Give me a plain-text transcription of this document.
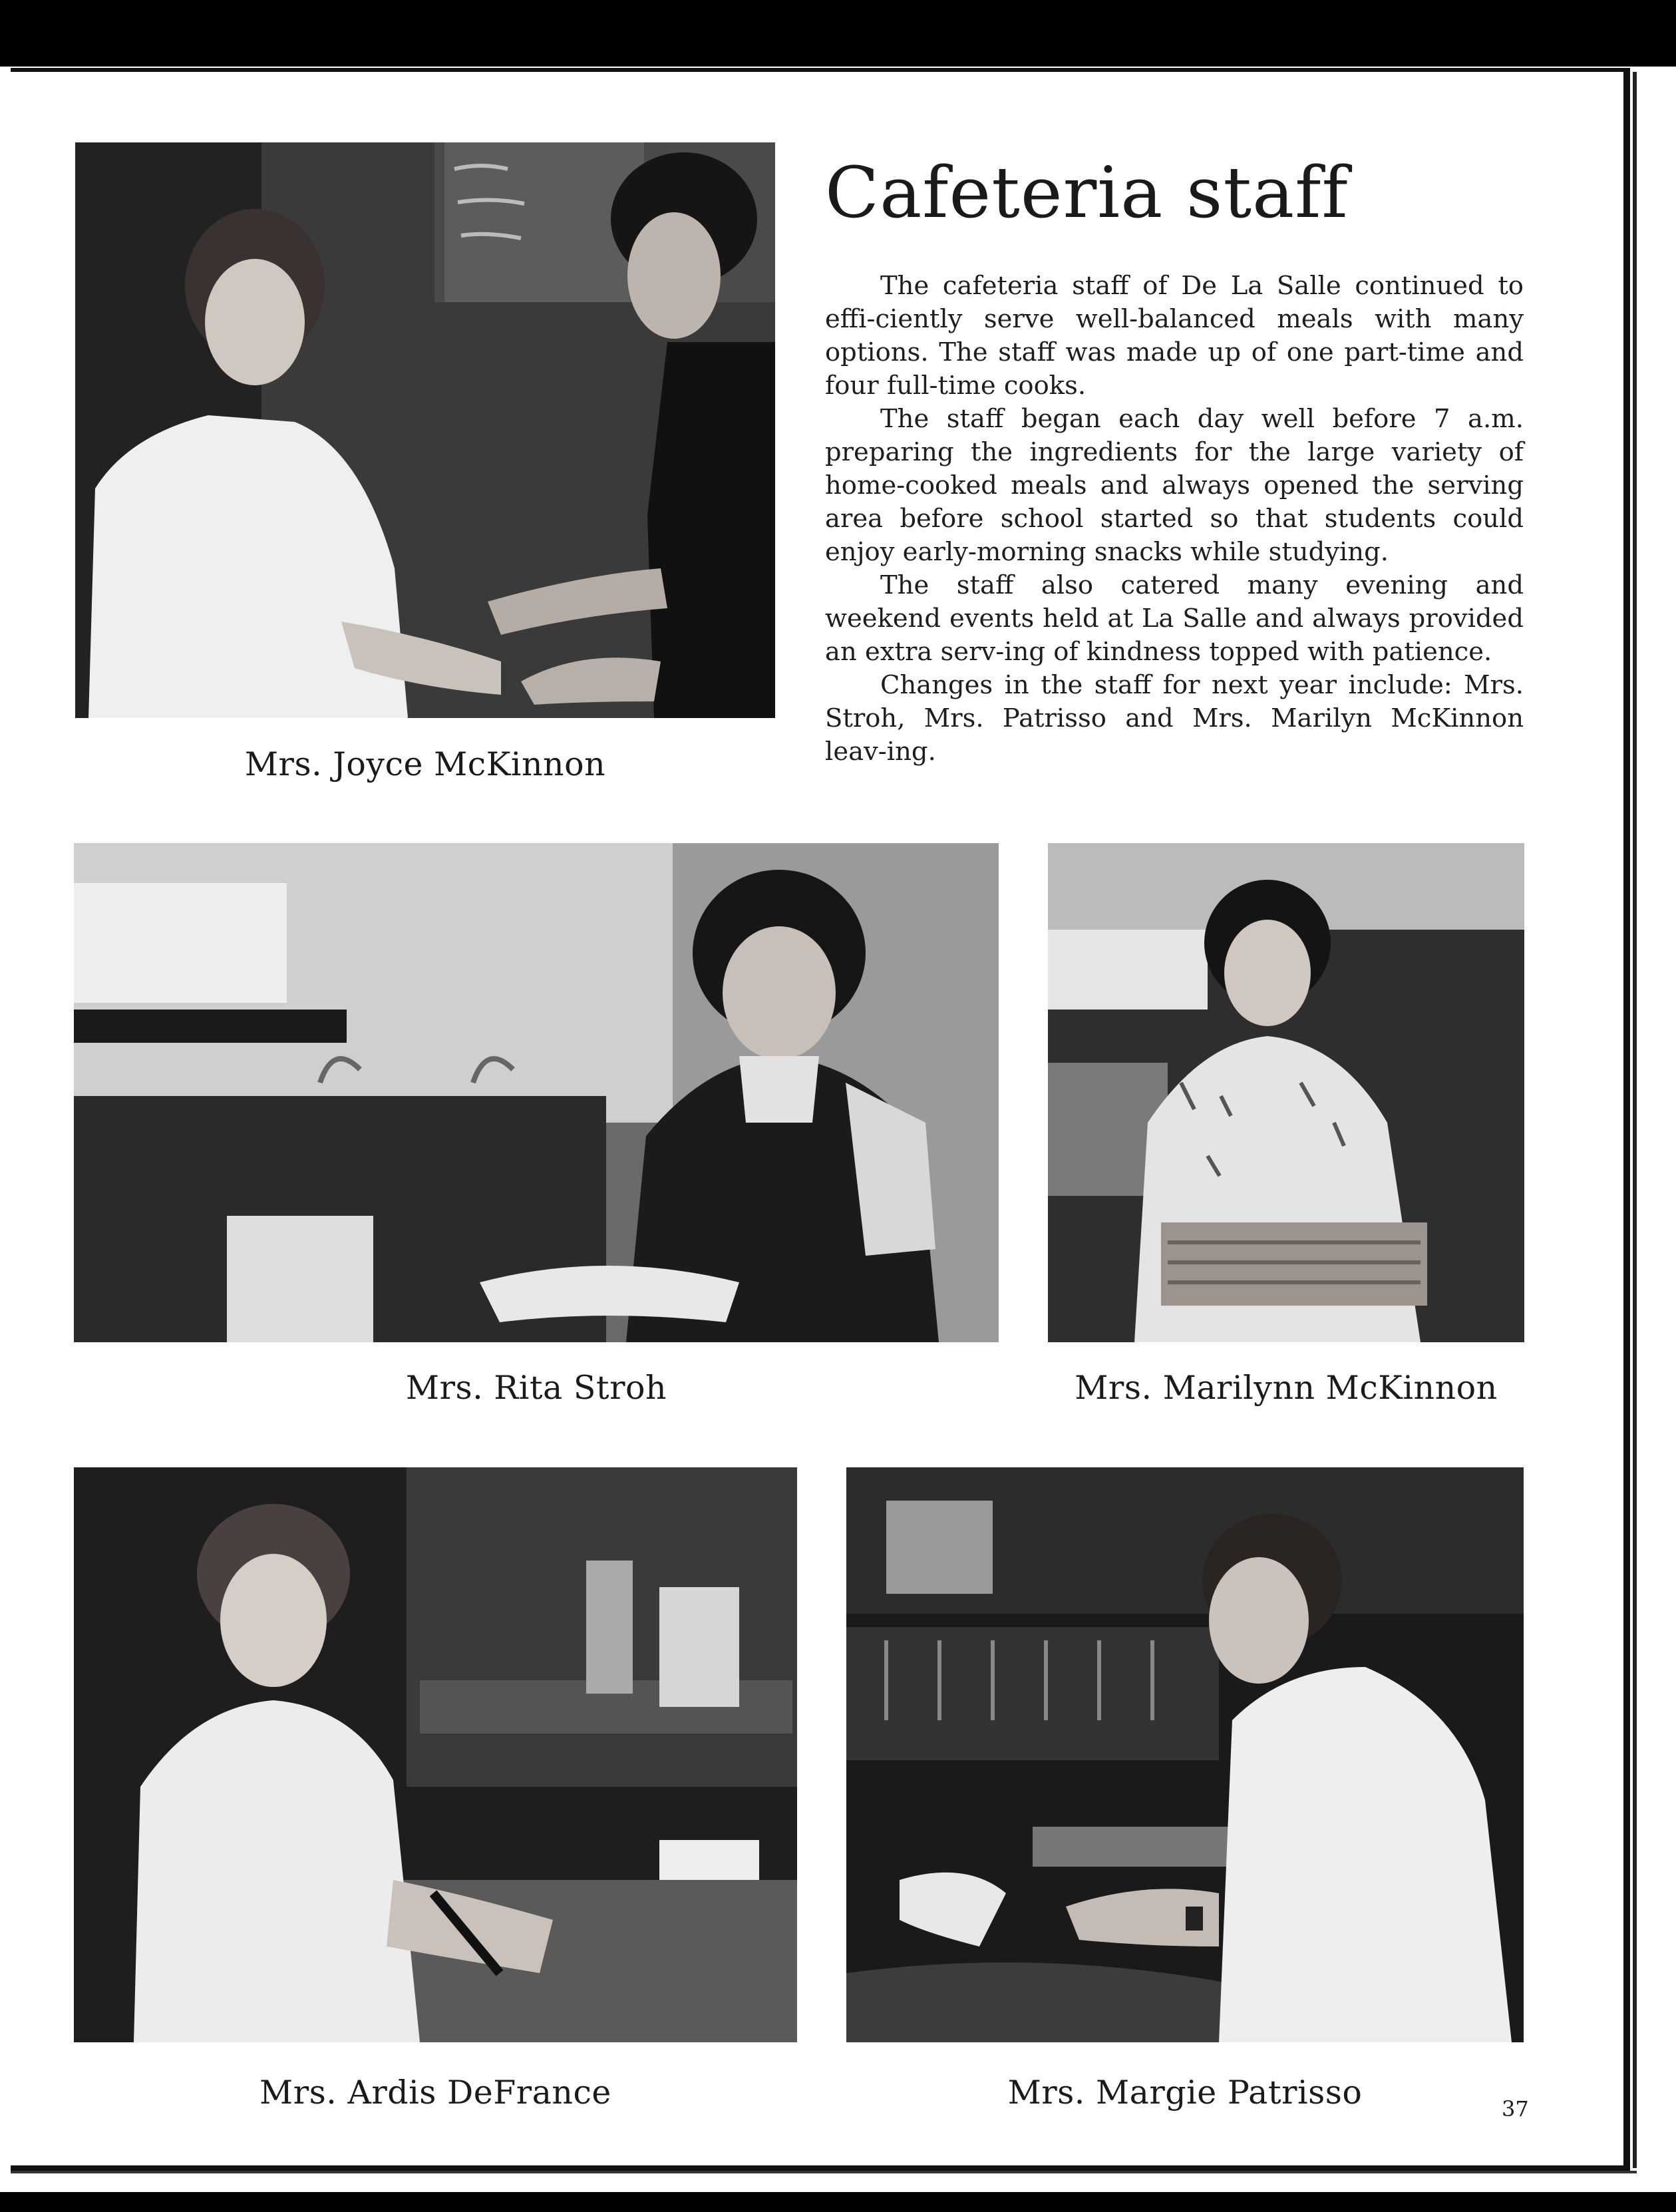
Cafeteria staff

The cafeteria staff of De La Salle continued to effi-ciently serve well-balanced meals with many options. The staff was made up of one part-time and four full-time cooks.

The staff began each day well before 7 a.m. preparing the ingredients for the large variety of home-cooked meals and always opened the serving area before school started so that students could enjoy early-morning snacks while studying.

The staff also catered many evening and weekend events held at La Salle and always provided an extra serv-ing of kindness topped with patience.

Changes in the staff for next year include: Mrs. Stroh, Mrs. Patrisso and Mrs. Marilyn McKinnon leav-ing.

Mrs. Joyce McKinnon
Mrs. Rita Stroh	Mrs. Marilynn McKinnon
Mrs. Ardis DeFrance	Mrs. Margie Patrisso	37
